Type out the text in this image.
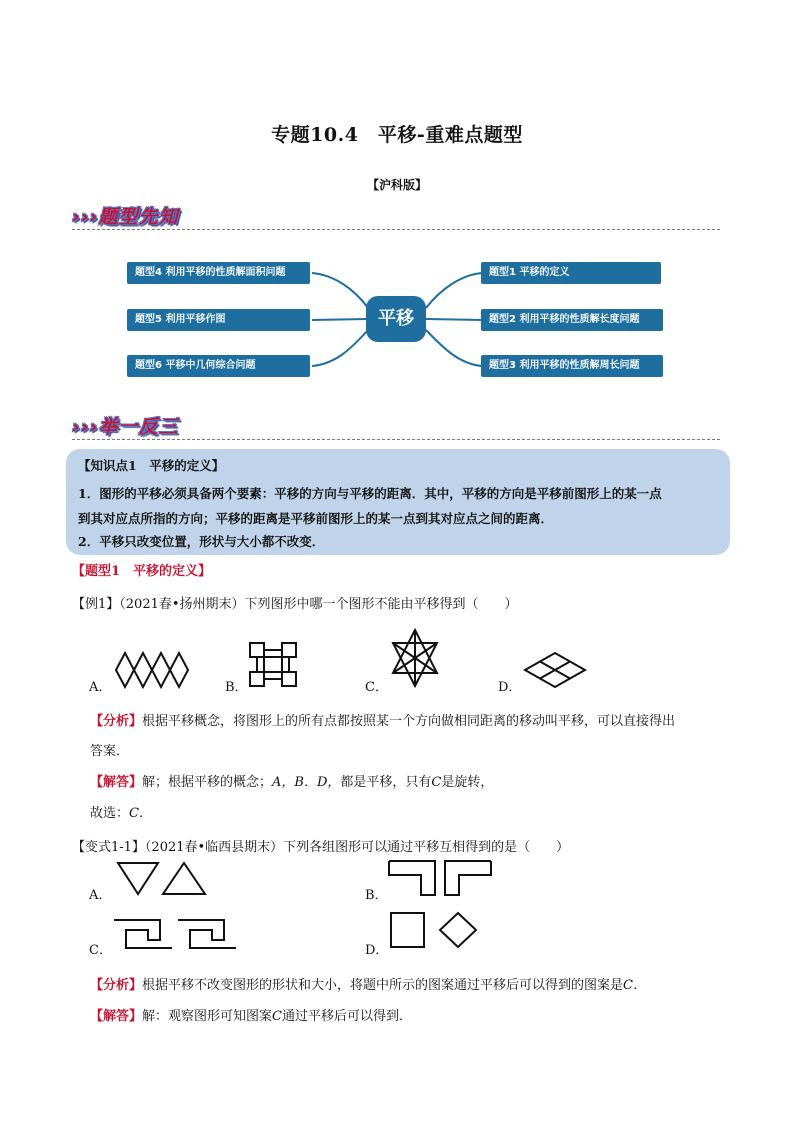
专题10.4　平移-重难点题型
【沪科版】
›››题型先知
题型4 利用平移的性质解面积问题
题型5 利用平移作图
题型6 平移中几何综合问题
平移
题型1 平移的定义
题型2 利用平移的性质解长度问题
题型3 利用平移的性质解周长问题
›››举一反三
【知识点1　平移的定义】
1．图形的平移必须具备两个要素：平移的方向与平移的距离．其中，平移的方向是平移前图形上的某一点
到其对应点所指的方向；平移的距离是平移前图形上的某一点到其对应点之间的距离．
2．平移只改变位置，形状与大小都不改变．
【题型1　平移的定义】
【例1】（2021春•扬州期末）下列图形中哪一个图形不能由平移得到（　　）
A．	B．	C．	D．
【分析】根据平移概念，将图形上的所有点都按照某一个方向做相同距离的移动叫平移，可以直接得出
答案．
【解答】解；根据平移的概念；A，B．D，都是平移，只有C是旋转，
故选：C．
【变式1-1】（2021春•临西县期末）下列各组图形可以通过平移互相得到的是（　　）
A．	B．
C．	D．
【分析】根据平移不改变图形的形状和大小，将题中所示的图案通过平移后可以得到的图案是C．
【解答】解：观察图形可知图案C通过平移后可以得到．
